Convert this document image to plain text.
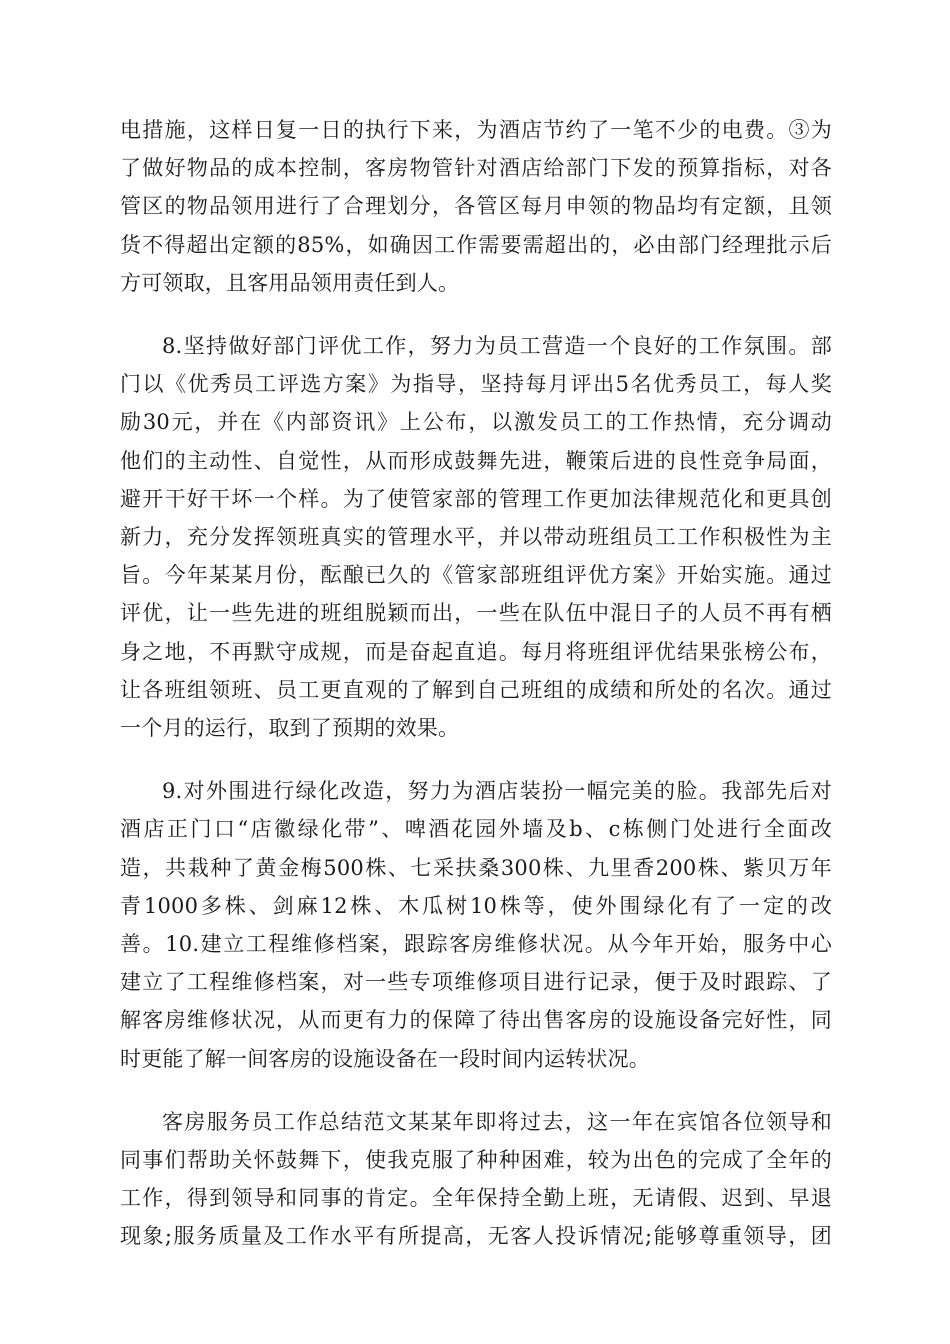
电措施，这样日复一日的执行下来，为酒店节约了一笔不少的电费。③为
了做好物品的成本控制，客房物管针对酒店给部门下发的预算指标，对各
管区的物品领用进行了合理划分，各管区每月申领的物品均有定额，且领
货不得超出定额的85%，如确因工作需要需超出的，必由部门经理批示后
方可领取，且客用品领用责任到人。
8.坚持做好部门评优工作，努力为员工营造一个良好的工作氛围。部
门以《优秀员工评选方案》为指导，坚持每月评出5名优秀员工，每人奖
励30元，并在《内部资讯》上公布，以激发员工的工作热情，充分调动
他们的主动性、自觉性，从而形成鼓舞先进，鞭策后进的良性竞争局面，
避开干好干坏一个样。为了使管家部的管理工作更加法律规范化和更具创
新力，充分发挥领班真实的管理水平，并以带动班组员工工作积极性为主
旨。今年某某月份，酝酿已久的《管家部班组评优方案》开始实施。通过
评优，让一些先进的班组脱颖而出，一些在队伍中混日子的人员不再有栖
身之地，不再默守成规，而是奋起直追。每月将班组评优结果张榜公布，
让各班组领班、员工更直观的了解到自己班组的成绩和所处的名次。通过
一个月的运行，取到了预期的效果。
9.对外围进行绿化改造，努力为酒店装扮一幅完美的脸。我部先后对
酒店正门口“店徽绿化带”、啤酒花园外墙及b、c栋侧门处进行全面改
造，共栽种了黄金梅500株、七采扶桑300株、九里香200株、紫贝万年
青1000多株、剑麻12株、木瓜树10株等，使外围绿化有了一定的改
善。10.建立工程维修档案，跟踪客房维修状况。从今年开始，服务中心
建立了工程维修档案，对一些专项维修项目进行记录，便于及时跟踪、了
解客房维修状况，从而更有力的保障了待出售客房的设施设备完好性，同
时更能了解一间客房的设施设备在一段时间内运转状况。
客房服务员工作总结范文某某年即将过去，这一年在宾馆各位领导和
同事们帮助关怀鼓舞下，使我克服了种种困难，较为出色的完成了全年的
工作，得到领导和同事的肯定。全年保持全勤上班，无请假、迟到、早退
现象;服务质量及工作水平有所提高，无客人投诉情况;能够尊重领导，团
